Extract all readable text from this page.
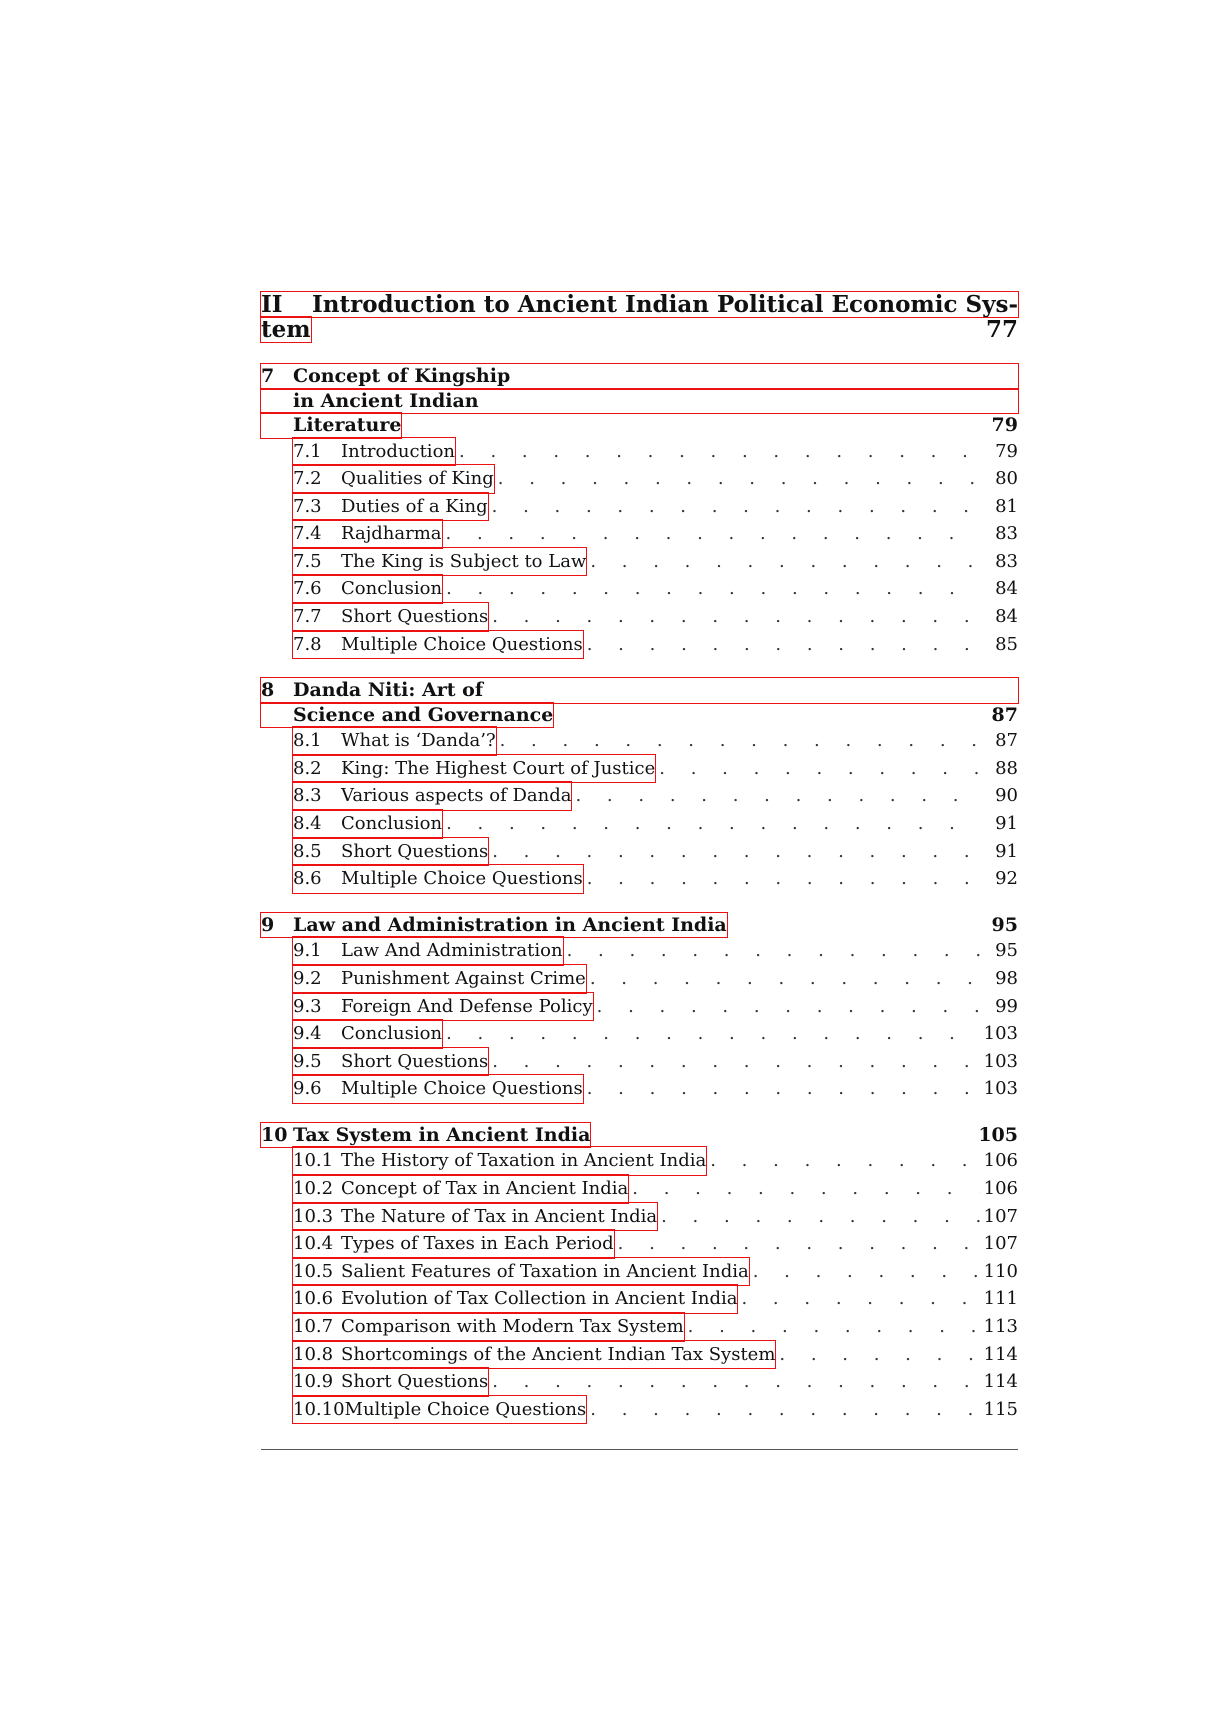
II Introduction to Ancient Indian Political Economic Sys-
tem	77
7 Concept of Kingship
in Ancient Indian
Literature	79
7.1 Introduction . . .	79
7.2 Qualities of King . . .	80
7.3 Duties of a King . . .	81
7.4 Rajdharma . . .	83
7.5 The King is Subject to Law . . .	83
7.6 Conclusion . . .	84
7.7 Short Questions . . .	84
7.8 Multiple Choice Questions . . .	85
8 Danda Niti: Art of
Science and Governance	87
8.1 What is ‘Danda’? . . .	87
8.2 King: The Highest Court of Justice . . .	88
8.3 Various aspects of Danda . . .	90
8.4 Conclusion . . .	91
8.5 Short Questions . . .	91
8.6 Multiple Choice Questions . . .	92
9 Law and Administration in Ancient India	95
9.1 Law And Administration . . .	95
9.2 Punishment Against Crime . . .	98
9.3 Foreign And Defense Policy . . .	99
9.4 Conclusion . . .	103
9.5 Short Questions . . .	103
9.6 Multiple Choice Questions . . .	103
10 Tax System in Ancient India	105
10.1 The History of Taxation in Ancient India . . .	106
10.2 Concept of Tax in Ancient India . . .	106
10.3 The Nature of Tax in Ancient India . . .	107
10.4 Types of Taxes in Each Period . . .	107
10.5 Salient Features of Taxation in Ancient India . . .	110
10.6 Evolution of Tax Collection in Ancient India . . .	111
10.7 Comparison with Modern Tax System . . .	113
10.8 Shortcomings of the Ancient Indian Tax System . . .	114
10.9 Short Questions . . .	114
10.10Multiple Choice Questions . . .	115
